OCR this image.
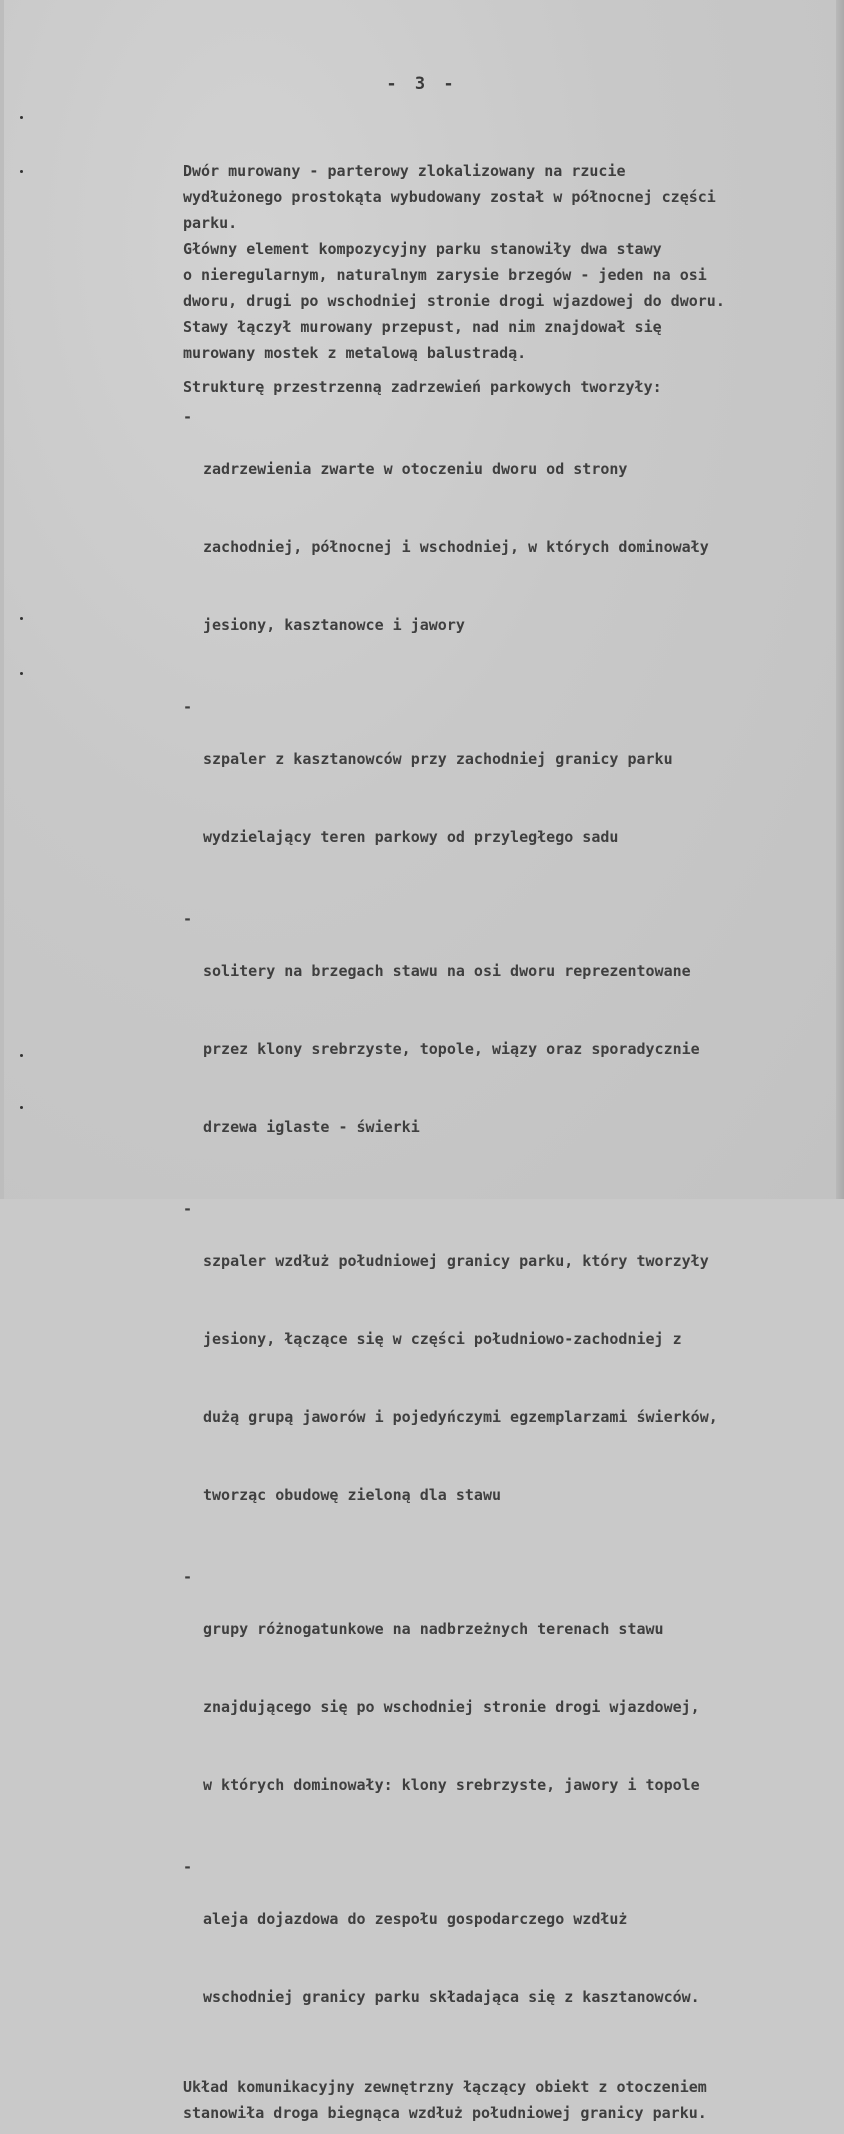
- 3 -

Dwór murowany - parterowy zlokalizowany na rzucie

wydłużonego prostokąta wybudowany został w północnej części

parku.

Główny element kompozycyjny parku stanowiły dwa stawy

o nieregularnym, naturalnym zarysie brzegów - jeden na osi

dworu, drugi po wschodniej stronie drogi wjazdowej do dworu.

Stawy łączył murowany przepust, nad nim znajdował się

murowany mostek z metalową balustradą.

Strukturę przestrzenną zadrzewień parkowych tworzyły:

-

zadrzewienia zwarte w otoczeniu dworu od strony

zachodniej, północnej i wschodniej, w których dominowały

jesiony, kasztanowce i jawory

-

szpaler z kasztanowców przy zachodniej granicy parku

wydzielający teren parkowy od przyległego sadu

-

solitery na brzegach stawu na osi dworu reprezentowane

przez klony srebrzyste, topole, wiązy oraz sporadycznie

drzewa iglaste - świerki

-

szpaler wzdłuż południowej granicy parku, który tworzyły

jesiony, łączące się w części południowo-zachodniej z

dużą grupą jaworów i pojedyńczymi egzemplarzami świerków,

tworząc obudowę zieloną dla stawu

-

grupy różnogatunkowe na nadbrzeżnych terenach stawu

znajdującego się po wschodniej stronie drogi wjazdowej,

w których dominowały: klony srebrzyste, jawory i topole

-

aleja dojazdowa do zespołu gospodarczego wzdłuż

wschodniej granicy parku składająca się z kasztanowców.

Układ komunikacyjny zewnętrzny łączący obiekt z otoczeniem

stanowiła droga biegnąca wzdłuż południowej granicy parku.
